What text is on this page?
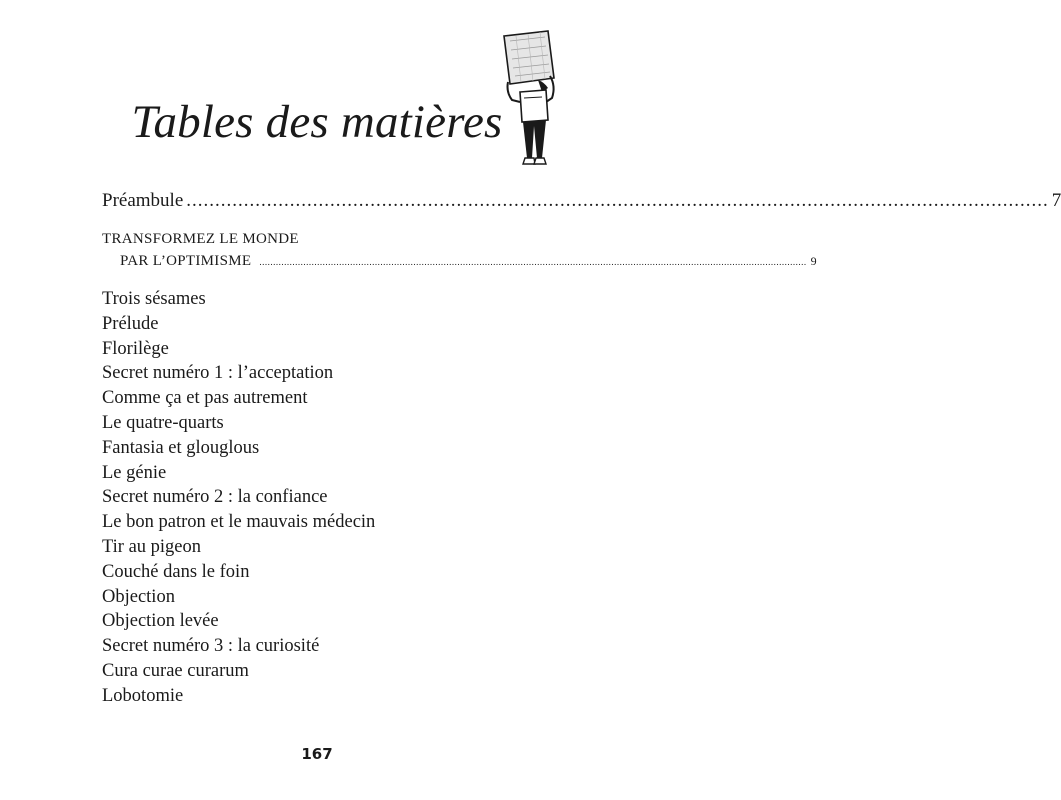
Tables des matières
Préambule ...................................................................................................................................................... 7
TRANSFORMEZ LE MONDE
PAR L’OPTIMISME ....................................................................................................................................................................................................... 9
Trois sésames
Prélude
Florilège
Secret numéro 1 : l’acceptation
Comme ça et pas autrement
Le quatre-quarts
Fantasia et glouglous
Le génie
Secret numéro 2 : la confiance
Le bon patron et le mauvais médecin
Tir au pigeon
Couché dans le foin
Objection
Objection levée
Secret numéro 3 : la curiosité
Cura curae curarum
Lobotomie
167
